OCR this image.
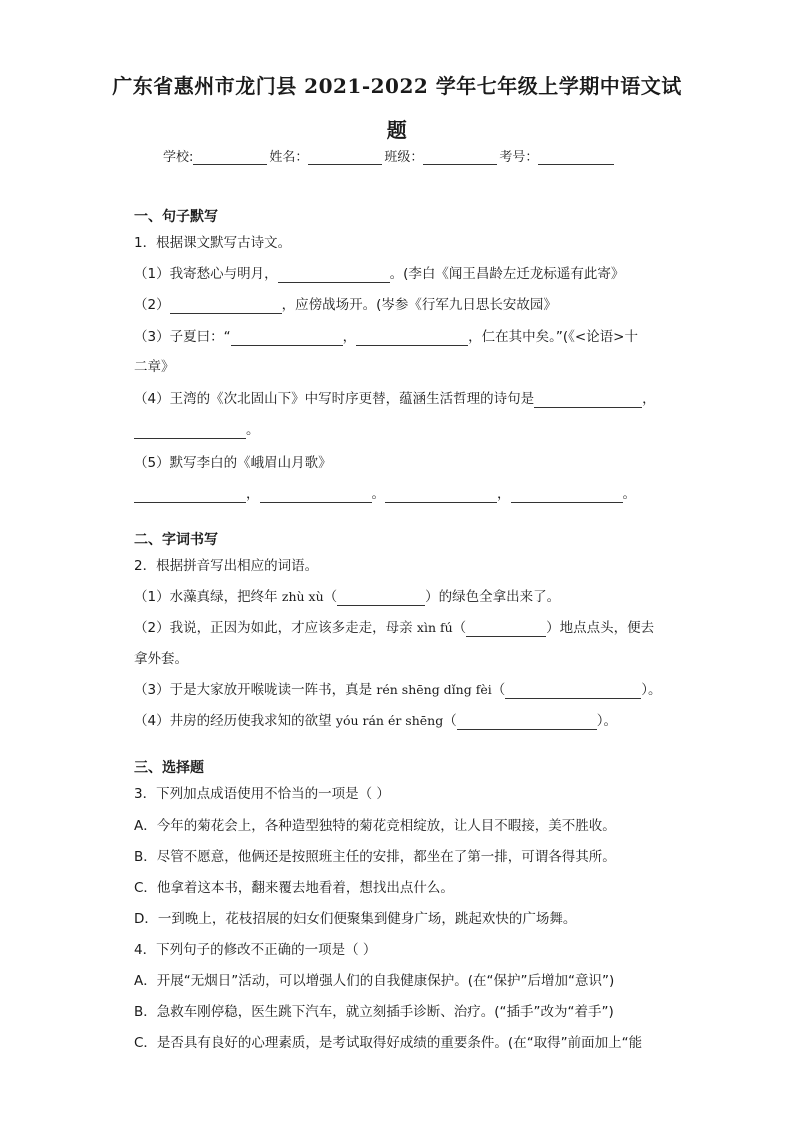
广东省惠州市龙门县 2021-2022 学年七年级上学期中语文试
题
学校:	姓名：	班级：	考号：
一、句子默写
1．根据课文默写古诗文。
（1）我寄愁心与明月，	。(李白《闻王昌龄左迁龙标遥有此寄》
（2）	，应傍战场开。(岑参《行军九日思长安故园》
（3）子夏曰：“	，	，仁在其中矣。”(《<论语>十
二章》
（4）王湾的《次北固山下》中写时序更替，蕴涵生活哲理的诗句是	，
。
（5）默写李白的《峨眉山月歌》
，	。	，	。
二、字词书写
2．根据拼音写出相应的词语。
（1）水藻真绿，把终年 zhù xù（	）的绿色全拿出来了。
（2）我说，正因为如此，才应该多走走，母亲 xìn fú（	）地点点头，便去
拿外套。
（3）于是大家放开喉咙读一阵书，真是 rén shēng dǐng fèi（	）。
（4）井房的经历使我求知的欲望 yóu rán ér shēng（	）。
三、选择题
3．下列加点成语使用不恰当的一项是（ ）
A．今年的菊花会上，各种造型独特的菊花竞相绽放，让人目不暇接，美不胜收。
B．尽管不愿意，他俩还是按照班主任的安排，都坐在了第一排，可谓各得其所。
C．他拿着这本书，翻来覆去地看着，想找出点什么。
D．一到晚上，花枝招展的妇女们便聚集到健身广场，跳起欢快的广场舞。
4．下列句子的修改不正确的一项是（ ）
A．开展“无烟日”活动，可以增强人们的自我健康保护。(在“保护”后增加“意识”)
B．急救车刚停稳，医生跳下汽车，就立刻插手诊断、治疗。(“插手”改为“着手”)
C．是否具有良好的心理素质，是考试取得好成绩的重要条件。(在“取得”前面加上“能
